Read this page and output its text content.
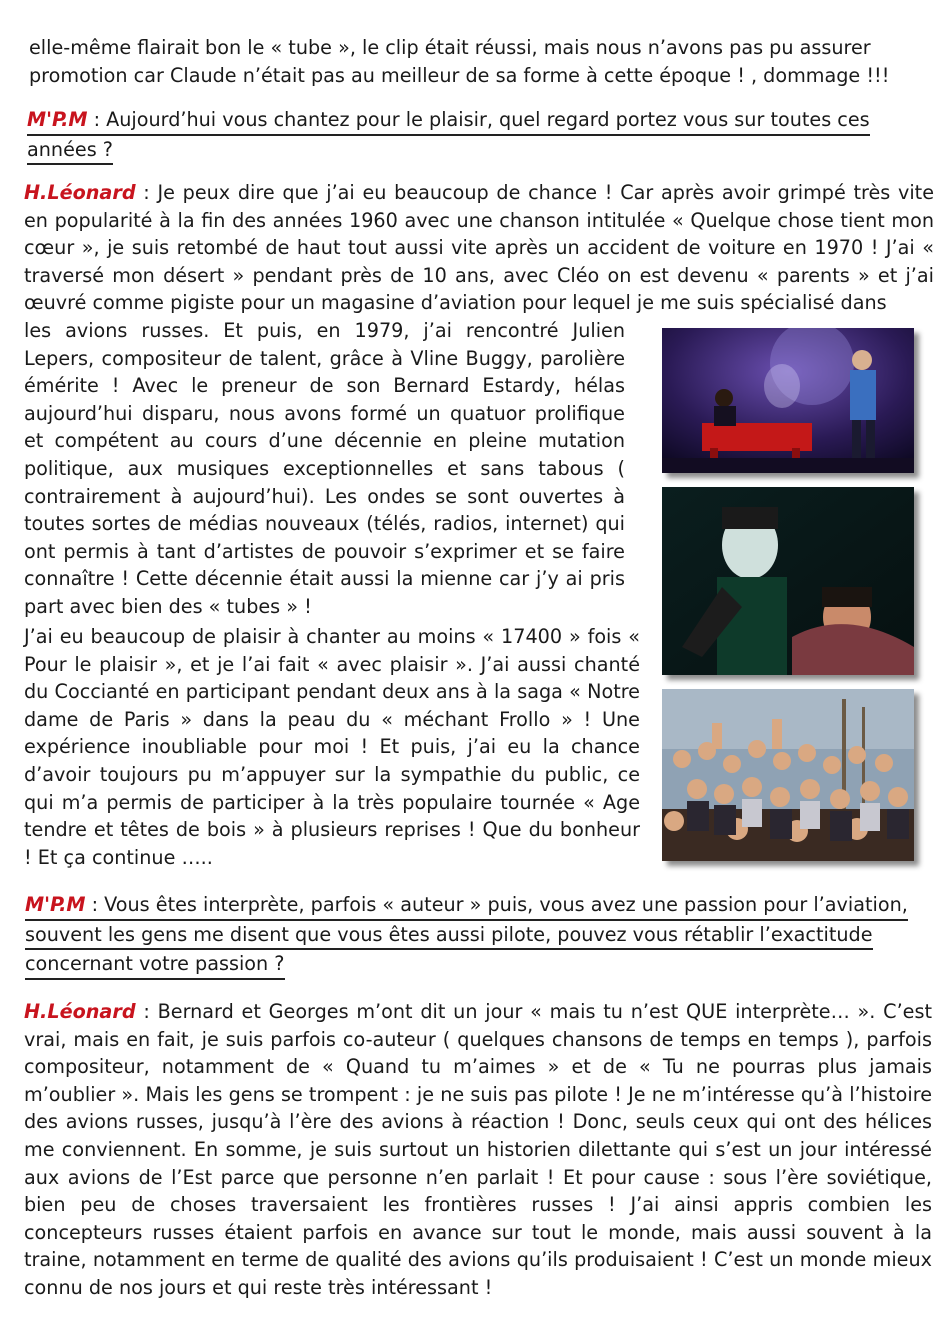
elle-même flairait bon le « tube », le clip était réussi, mais nous n’avons pas pu assurer
promotion car Claude n’était pas au meilleur de sa forme à cette époque ! , dommage !!!
M'P.M : Aujourd’hui vous chantez pour le plaisir, quel regard portez vous sur toutes ces
années ?
H.Léonard : Je peux dire que j’ai eu beaucoup de chance ! Car après avoir grimpé très vite en popularité à la fin des années 1960 avec une chanson intitulée « Quelque chose tient mon cœur », je suis retombé de haut tout aussi vite après un accident de voiture en 1970 ! J’ai « traversé mon désert » pendant près de 10 ans, avec Cléo on est devenu « parents » et j’ai œuvré comme pigiste pour un magasine d’aviation pour lequel je me suis spécialisé dans
les avions russes. Et puis, en 1979, j’ai rencontré Julien Lepers, compositeur de talent, grâce à Vline Buggy, parolière émérite ! Avec le preneur de son Bernard Estardy, hélas aujourd’hui disparu, nous avons formé un quatuor prolifique et compétent au cours d’une décennie en pleine mutation politique, aux musiques exceptionnelles et sans tabous ( contrairement à aujourd’hui). Les ondes se sont ouvertes à toutes sortes de médias nouveaux (télés, radios, internet) qui ont permis à tant d’artistes de pouvoir s’exprimer et se faire connaître ! Cette décennie était aussi la mienne car j’y ai pris part avec bien des « tubes » !
J’ai eu beaucoup de plaisir à chanter au moins « 17400 » fois « Pour le plaisir », et je l’ai fait « avec plaisir ». J’ai aussi chanté du Coccianté en participant pendant deux ans à la saga « Notre dame de Paris » dans la peau du « méchant Frollo » ! Une expérience inoubliable pour moi ! Et puis, j’ai eu la chance d’avoir toujours pu m’appuyer sur la sympathie du public, ce qui m’a permis de participer à la très populaire tournée « Age tendre et têtes de bois » à plusieurs reprises ! Que du bonheur ! Et ça continue …..
M'P.M : Vous êtes interprète, parfois « auteur » puis, vous avez une passion pour l’aviation,
souvent les gens me disent que vous êtes aussi pilote, pouvez vous rétablir l’exactitude
concernant votre passion ?
H.Léonard : Bernard et Georges m’ont dit un jour « mais tu n’est QUE interprète… ». C’est vrai, mais en fait, je suis parfois co-auteur ( quelques chansons de temps en temps ), parfois compositeur, notamment de « Quand tu m’aimes » et de « Tu ne pourras plus jamais m’oublier ». Mais les gens se trompent : je ne suis pas pilote ! Je ne m’intéresse qu’à l’histoire des avions russes, jusqu’à l’ère des avions à réaction ! Donc, seuls ceux qui ont des hélices me conviennent. En somme, je suis surtout un historien dilettante qui s’est un jour intéressé aux avions de l’Est parce que personne n’en parlait ! Et pour cause : sous l’ère soviétique, bien peu de choses traversaient les frontières russes ! J’ai ainsi appris combien les concepteurs russes étaient parfois en avance sur tout le monde, mais aussi souvent à la traine, notamment en terme de qualité des avions qu’ils produisaient ! C’est un monde mieux connu de nos jours et qui reste très intéressant !
